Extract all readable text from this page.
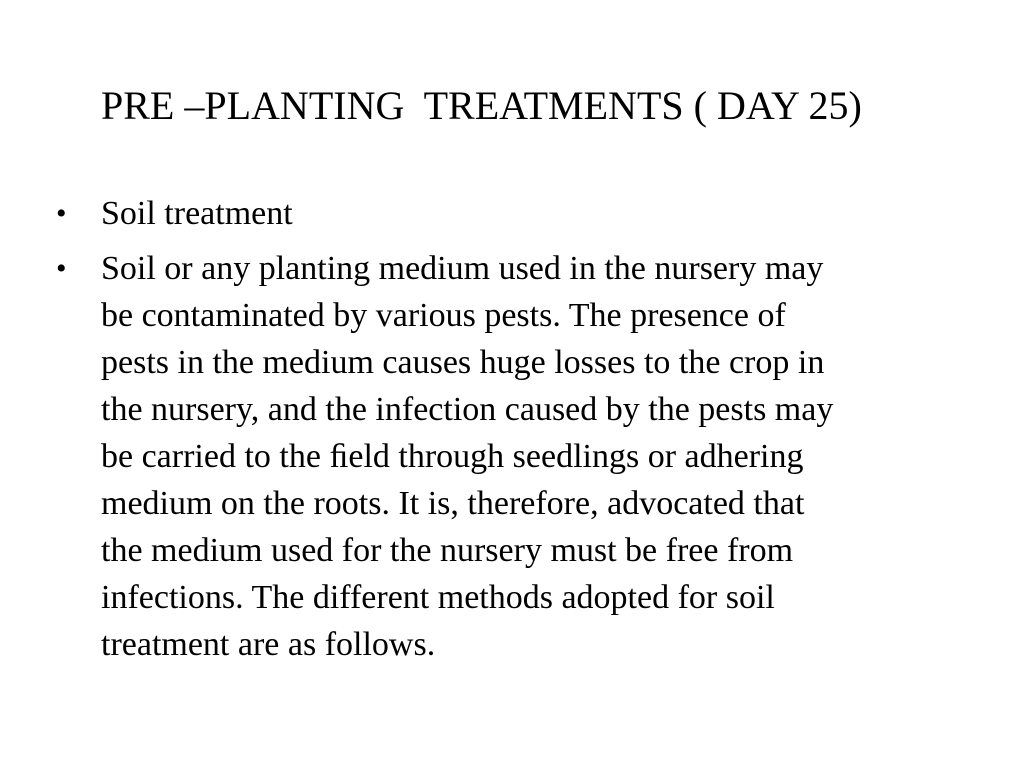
PRE –PLANTING  TREATMENTS ( DAY 25)
• Soil treatment
• Soil or any planting medium used in the nursery may
be contaminated by various pests. The presence of
pests in the medium causes huge losses to the crop in
the nursery, and the infection caused by the pests may
be carried to the ﬁeld through seedlings or adhering
medium on the roots. It is, therefore, advocated that
the medium used for the nursery must be free from
infections. The different methods adopted for soil
treatment are as follows.
